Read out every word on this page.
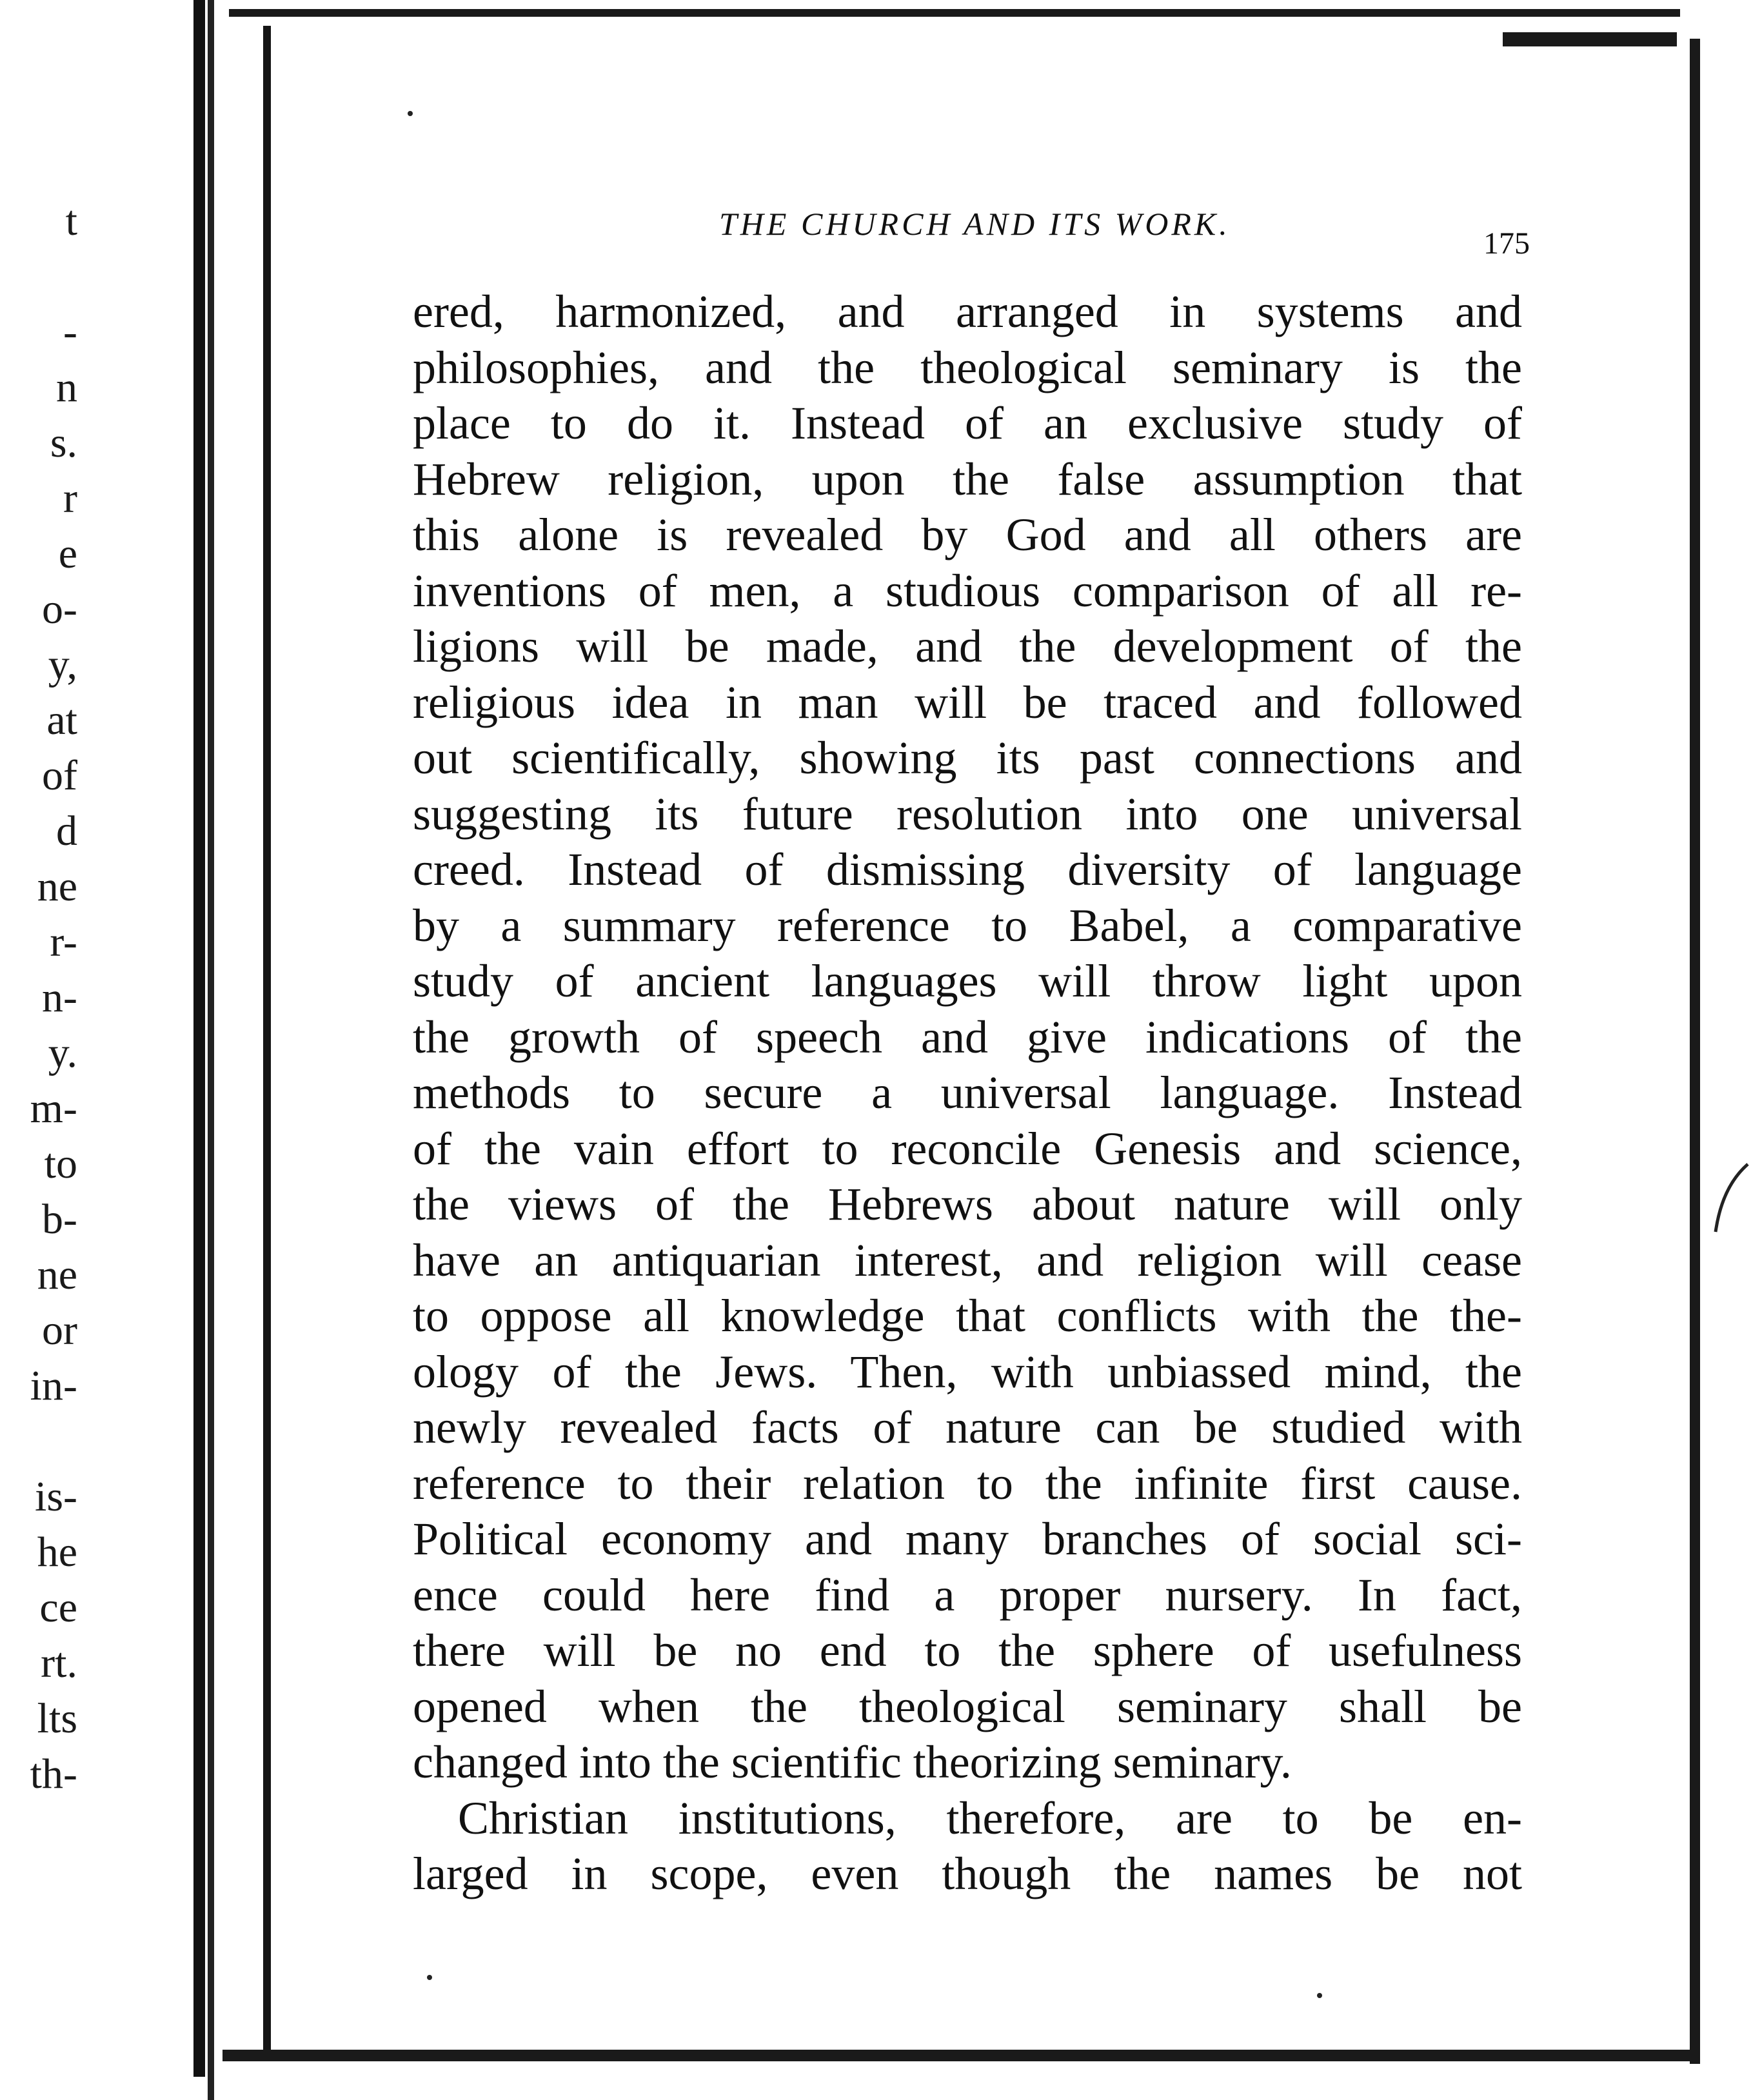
t
-
n
s.
r
e
o-
y,
at
of
d
ne
r-
n-
y.
m-
to
b-
ne
or
in-
is-
he
ce
rt.
lts
th-
THE CHURCH AND ITS WORK.
175
ered, harmonized, and arranged in systems and
philosophies, and the theological seminary is the
place to do it. Instead of an exclusive study of
Hebrew religion, upon the false assumption that
this alone is revealed by God and all others are
inventions of men, a studious comparison of all re-
ligions will be made, and the development of the
religious idea in man will be traced and followed
out scientifically, showing its past connections and
suggesting its future resolution into one universal
creed. Instead of dismissing diversity of language
by a summary reference to Babel, a comparative
study of ancient languages will throw light upon
the growth of speech and give indications of the
methods to secure a universal language. Instead
of the vain effort to reconcile Genesis and science,
the views of the Hebrews about nature will only
have an antiquarian interest, and religion will cease
to oppose all knowledge that conflicts with the the-
ology of the Jews. Then, with unbiassed mind, the
newly revealed facts of nature can be studied with
reference to their relation to the infinite first cause.
Political economy and many branches of social sci-
ence could here find a proper nursery. In fact,
there will be no end to the sphere of usefulness
opened when the theological seminary shall be
changed into the scientific theorizing seminary.
Christian institutions, therefore, are to be en-
larged in scope, even though the names be not
